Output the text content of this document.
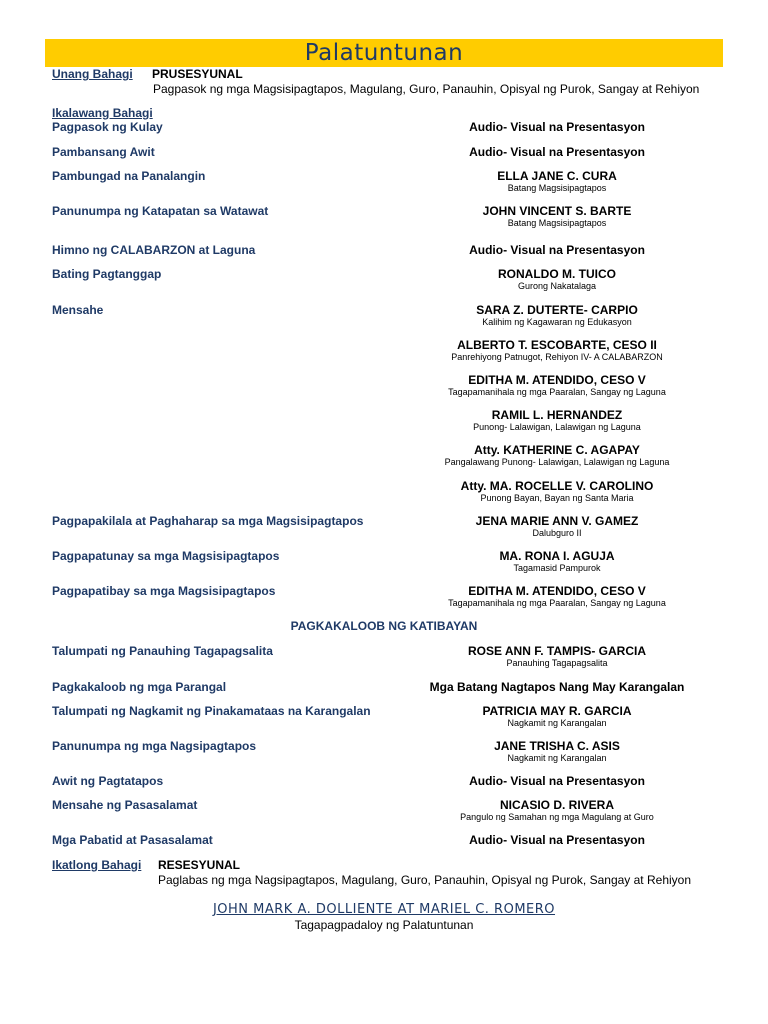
Palatuntunan
Unang Bahagi PRUSESYUNAL
Pagpasok ng mga Magsisipagtapos, Magulang, Guro, Panauhin, Opisyal ng Purok, Sangay at Rehiyon
Ikalawang Bahagi
Pagpasok ng Kulay	Audio- Visual na Presentasyon
Pambansang Awit	Audio- Visual na Presentasyon
Pambungad na Panalangin	ELLA JANE C. CURA
Batang Magsisipagtapos
Panunumpa ng Katapatan sa Watawat	JOHN VINCENT S. BARTE
Batang Magsisipagtapos
Himno ng CALABARZON at Laguna	Audio- Visual na Presentasyon
Bating Pagtanggap	RONALDO M. TUICO
Gurong Nakatalaga
Mensahe	SARA Z. DUTERTE- CARPIO
Kalihim ng Kagawaran ng Edukasyon
ALBERTO T. ESCOBARTE, CESO II
Panrehiyong Patnugot, Rehiyon IV- A CALABARZON
EDITHA M. ATENDIDO, CESO V
Tagapamanihala ng mga Paaralan, Sangay ng Laguna
RAMIL L. HERNANDEZ
Punong- Lalawigan, Lalawigan ng Laguna
Atty. KATHERINE C. AGAPAY
Pangalawang Punong- Lalawigan, Lalawigan ng Laguna
Atty. MA. ROCELLE V. CAROLINO
Punong Bayan, Bayan ng Santa Maria
Pagpapakilala at Paghaharap sa mga Magsisipagtapos	JENA MARIE ANN V. GAMEZ
Dalubguro II
Pagpapatunay sa mga Magsisipagtapos	MA. RONA I. AGUJA
Tagamasid Pampurok
Pagpapatibay sa mga Magsisipagtapos	EDITHA M. ATENDIDO, CESO V
Tagapamanihala ng mga Paaralan, Sangay ng Laguna
Talumpati ng Panauhing Tagapagsalita	ROSE ANN F. TAMPIS- GARCIA
Panauhing Tagapagsalita
Pagkakaloob ng mga Parangal	Mga Batang Nagtapos Nang May Karangalan
Talumpati ng Nagkamit ng Pinakamataas na Karangalan	PATRICIA MAY R. GARCIA
Nagkamit ng Karangalan
Panunumpa ng mga Nagsipagtapos	JANE TRISHA C. ASIS
Nagkamit ng Karangalan
Awit ng Pagtatapos	Audio- Visual na Presentasyon
Mensahe ng Pasasalamat	NICASIO D. RIVERA
Pangulo ng Samahan ng mga Magulang at Guro
Mga Pabatid at Pasasalamat	Audio- Visual na Presentasyon
PAGKAKALOOB NG KATIBAYAN
Ikatlong Bahagi RESESYUNAL
Paglabas ng mga Nagsipagtapos, Magulang, Guro, Panauhin, Opisyal ng Purok, Sangay at Rehiyon
JOHN MARK A. DOLLIENTE AT MARIEL C. ROMERO
Tagapagpadaloy ng Palatuntunan
